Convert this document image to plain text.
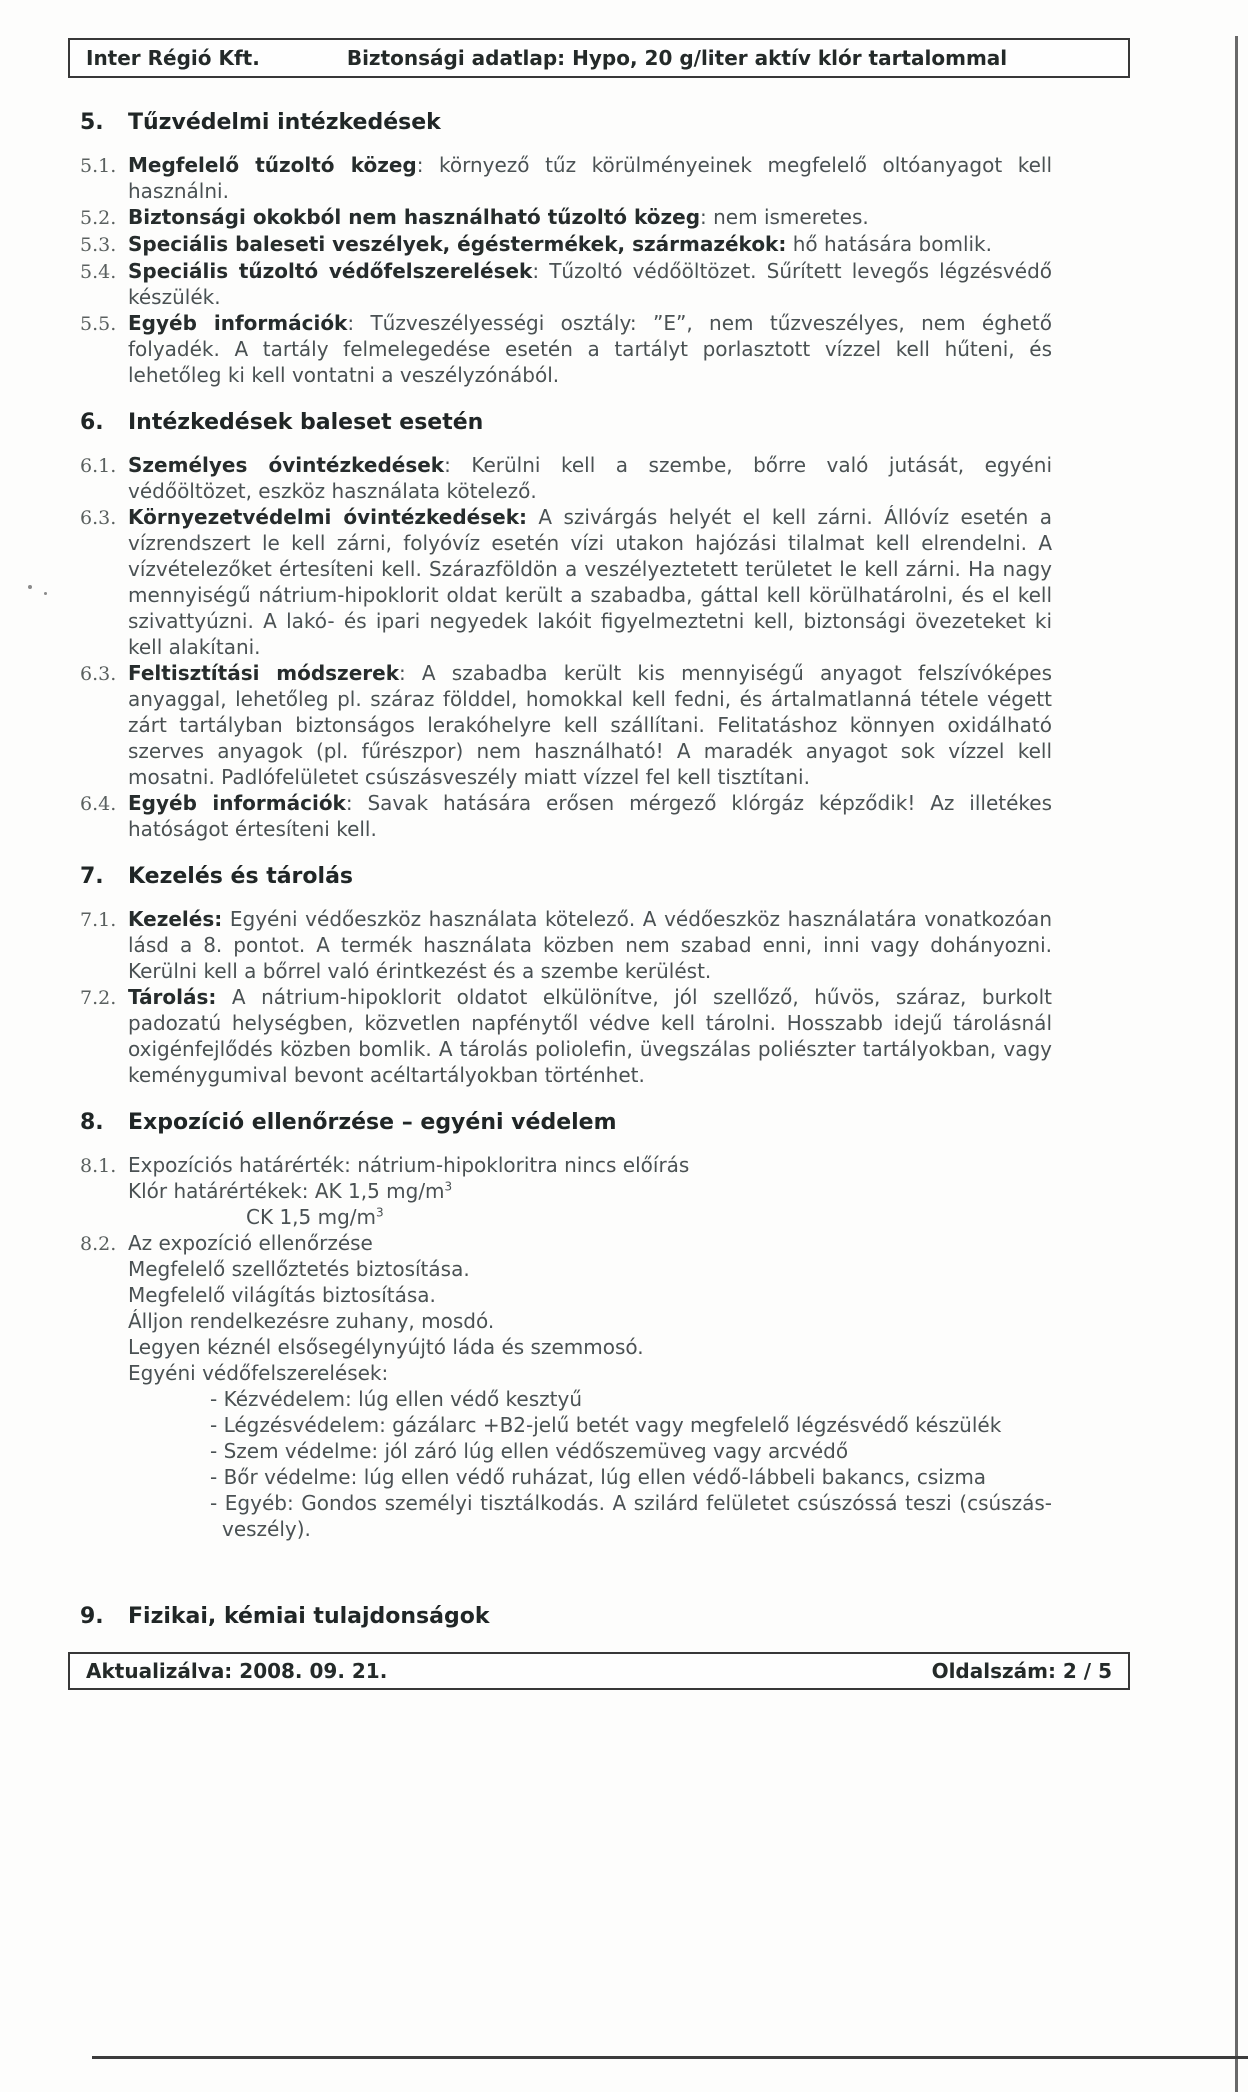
Inter Régió Kft.	Biztonsági adatlap: Hypo, 20 g/liter aktív klór tartalommal
5.	Tűzvédelmi intézkedések
5.1. Megfelelő tűzoltó közeg: környező tűz körülményeinek megfelelő oltóanyagot kell használni.

5.2. Biztonsági okokból nem használható tűzoltó közeg: nem ismeretes.

5.3. Speciális baleseti veszélyek, égéstermékek, származékok: hő hatására bomlik.

5.4. Speciális tűzoltó védőfelszerelések: Tűzoltó védőöltözet. Sűrített levegős légzésvédő készülék.

5.5. Egyéb információk: Tűzveszélyességi osztály: ”E”, nem tűzveszélyes, nem éghető folyadék. A tartály felmelegedése esetén a tartályt porlasztott vízzel kell hűteni, és lehetőleg ki kell vontatni a veszélyzónából.

6.	Intézkedések baleset esetén
6.1. Személyes óvintézkedések: Kerülni kell a szembe, bőrre való jutását, egyéni védőöltözet, eszköz használata kötelező.

6.3. Környezetvédelmi óvintézkedések: A szivárgás helyét el kell zárni. Állóvíz esetén a vízrendszert le kell zárni, folyóvíz esetén vízi utakon hajózási tilalmat kell elrendelni. A vízvételezőket értesíteni kell. Szárazföldön a veszélyeztetett területet le kell zárni. Ha nagy mennyiségű nátrium-hipoklorit oldat került a szabadba, gáttal kell körülhatárolni, és el kell szivattyúzni. A lakó- és ipari negyedek lakóit figyelmeztetni kell, biztonsági övezeteket ki kell alakítani.

6.3. Feltisztítási módszerek: A szabadba került kis mennyiségű anyagot felszívóképes anyaggal, lehetőleg pl. száraz földdel, homokkal kell fedni, és ártalmatlanná tétele végett zárt tartályban biztonságos lerakóhelyre kell szállítani. Felitatáshoz könnyen oxidálható szerves anyagok (pl. fűrészpor) nem használható! A maradék anyagot sok vízzel kell mosatni. Padlófelületet csúszásveszély miatt vízzel fel kell tisztítani.

6.4. Egyéb információk: Savak hatására erősen mérgező klórgáz képződik! Az illetékes hatóságot értesíteni kell.

7.	Kezelés és tárolás
7.1. Kezelés: Egyéni védőeszköz használata kötelező. A védőeszköz használatára vonatkozóan lásd a 8. pontot. A termék használata közben nem szabad enni, inni vagy dohányozni. Kerülni kell a bőrrel való érintkezést és a szembe kerülést.

7.2. Tárolás: A nátrium-hipoklorit oldatot elkülönítve, jól szellőző, hűvös, száraz, burkolt padozatú helységben, közvetlen napfénytől védve kell tárolni. Hosszabb idejű tárolásnál oxigénfejlődés közben bomlik. A tárolás poliolefin, üvegszálas poliészter tartályokban, vagy keménygumival bevont acéltartályokban történhet.

8.	Expozíció ellenőrzése – egyéni védelem
8.1. Expozíciós határérték: nátrium-hipokloritra nincs előírás
Klór határértékek: AK 1,5 $mg/m^3$
CK 1,5 $mg/m^3$
8.2. Az expozíció ellenőrzése
Megfelelő szellőztetés biztosítása.
Megfelelő világítás biztosítása.
Álljon rendelkezésre zuhany, mosdó.
Legyen kéznél elsősegélynyújtó láda és szemmosó.
Egyéni védőfelszerelések:
- Kézvédelem: lúg ellen védő kesztyű
- Légzésvédelem: gázálarc +B2-jelű betét vagy megfelelő légzésvédő készülék
- Szem védelme: jól záró lúg ellen védőszemüveg vagy arcvédő
- Bőr védelme: lúg ellen védő ruházat, lúg ellen védő-lábbeli bakancs, csizma
- Egyéb: Gondos személyi tisztálkodás. A szilárd felületet csúszóssá teszi (csúszás-veszély).
9.	Fizikai, kémiai tulajdonságok
Aktualizálva: 2008. 09. 21.	Oldalszám: 2 / 5
